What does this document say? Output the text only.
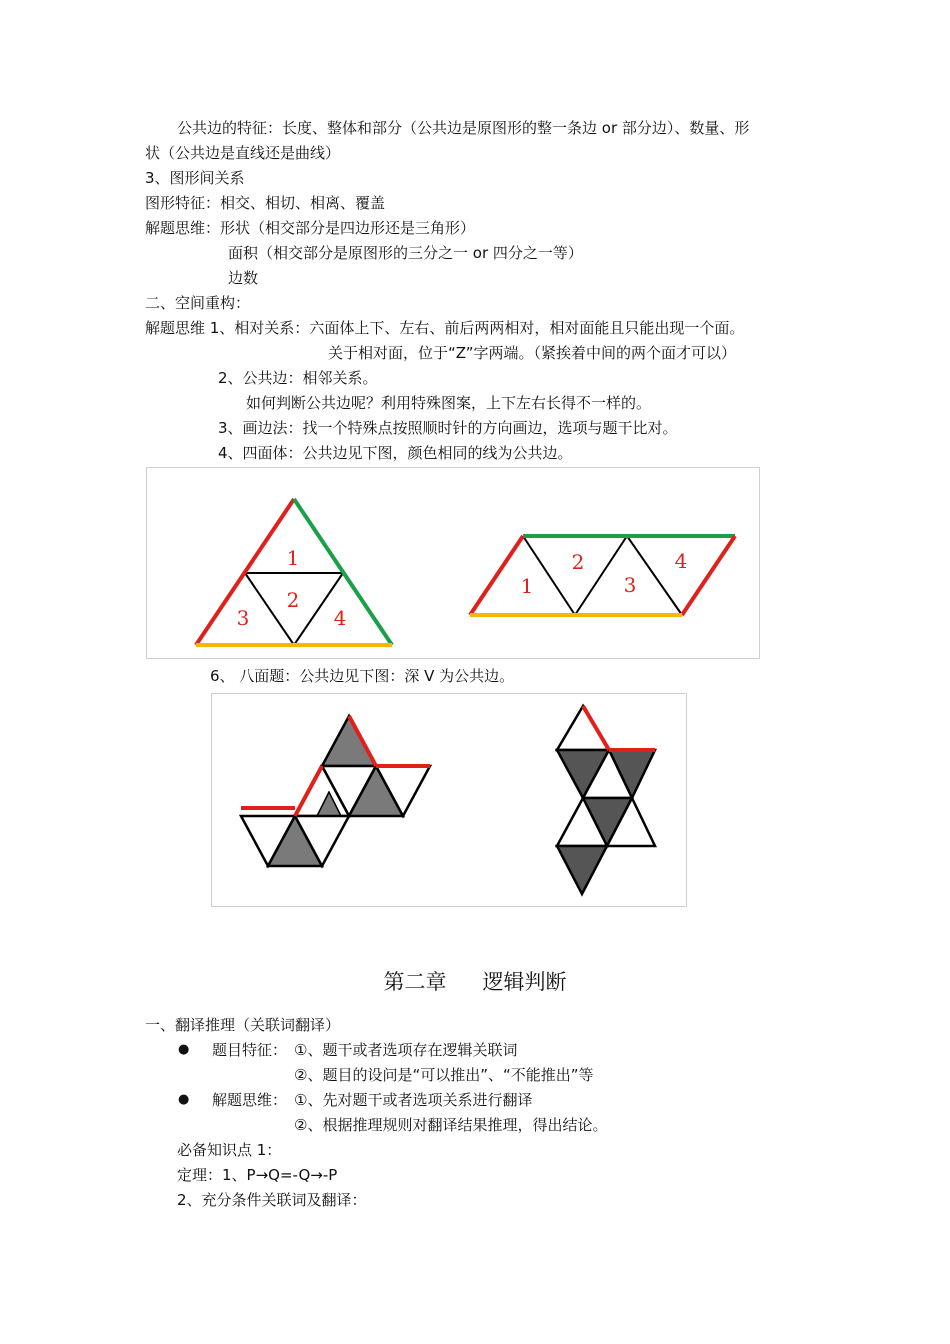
公共边的特征：长度、整体和部分（公共边是原图形的整一条边 or 部分边）、数量、形
状（公共边是直线还是曲线）
3、图形间关系
图形特征：相交、相切、相离、覆盖
解题思维：形状（相交部分是四边形还是三角形）
面积（相交部分是原图形的三分之一 or 四分之一等）
边数
二、空间重构：
解题思维 1、相对关系：六面体上下、左右、前后两两相对，相对面能且只能出现一个面。
关于相对面，位于“Z”字两端。（紧挨着中间的两个面才可以）
2、公共边：相邻关系。
如何判断公共边呢？利用特殊图案，上下左右长得不一样的。
3、画边法：找一个特殊点按照顺时针的方向画边，选项与题干比对。
4、四面体：公共边见下图，颜色相同的线为公共边。
1
2
3	4
1
2
3
4
6、 八面题：公共边见下图：深 V 为公共边。
第二章 逻辑判断
一、翻译推理（关联词翻译）
● 题目特征： ①、题干或者选项存在逻辑关联词
②、题目的设问是“可以推出”、“不能推出”等
● 解题思维： ①、先对题干或者选项关系进行翻译
②、根据推理规则对翻译结果推理，得出结论。
必备知识点 1：
定理：1、P→Q=-Q→-P
2、充分条件关联词及翻译：
